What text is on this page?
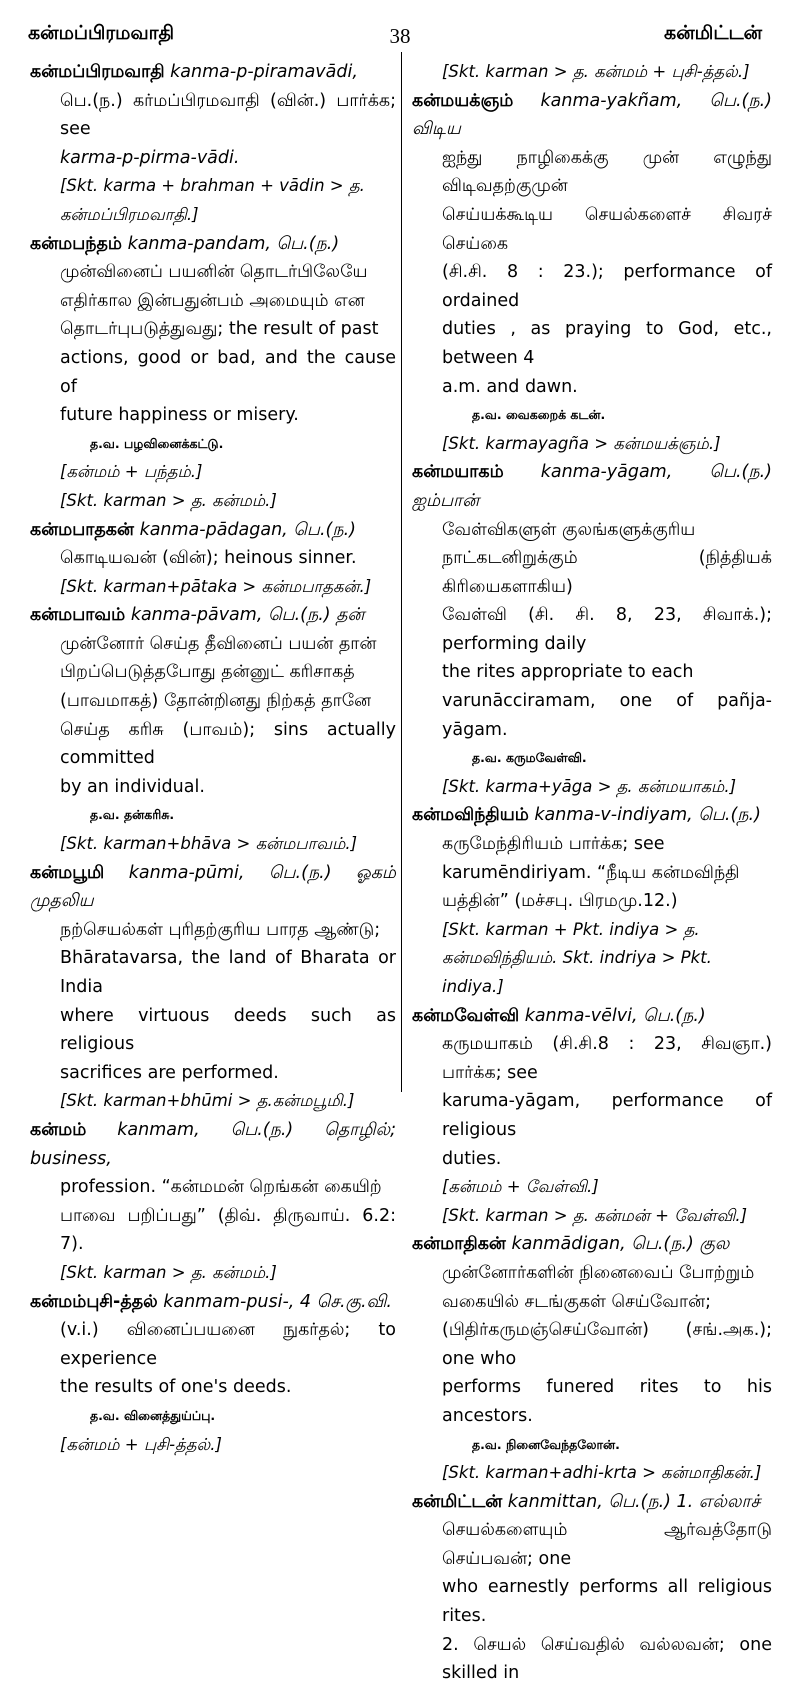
கன்மப்பிரமவாதி	38	கன்மிட்டன்
கன்மப்பிரமவாதி kanma-p-piramavādi,
பெ.(ந.) கர்மப்பிரமவாதி (வின்.) பார்க்க; see
karma-p-pirma-vādi.
[Skt. karma + brahman + vādin > த.
கன்மப்பிரமவாதி.]
கன்மபந்தம் kanma-pandam, பெ.(ந.)
முன்வினைப் பயனின் தொடர்பிலேயே
எதிர்கால இன்பதுன்பம் அமையும் என
தொடர்புபடுத்துவது; the result of past
actions, good or bad, and the cause of
future happiness or misery.
த.வ. பழவினைக்கட்டு.
[கன்மம் + பந்தம்.]
[Skt. karman > த. கன்மம்.]
கன்மபாதகன் kanma-pādagan, பெ.(ந.)
கொடியவன் (வின்); heinous sinner.
[Skt. karman+pātaka > கன்மபாதகன்.]
கன்மபாவம் kanma-pāvam, பெ.(ந.) தன்
முன்னோர் செய்த தீவினைப் பயன் தான்
பிறப்பெடுத்தபோது தன்னுட் கரிசாகத்
(பாவமாகத்) தோன்றினது நிற்கத் தானே
செய்த கரிசு (பாவம்); sins actually committed
by an individual.
த.வ. தன்கரிசு.
[Skt. karman+bhāva > கன்மபாவம்.]
கன்மபூமி kanma-pūmi, பெ.(ந.) ஓகம் முதலிய
நற்செயல்கள் புரிதற்குரிய பாரத ஆண்டு;
Bhāratavarsa, the land of Bharata or India
where virtuous deeds such as religious
sacrifices are performed.
[Skt. karman+bhūmi > த.கன்மபூமி.]
கன்மம் kanmam, பெ.(ந.) தொழில்; business,
profession. “கன்மமன் றெங்கன் கையிற்
பாவை பறிப்பது” (திவ். திருவாய். 6.2: 7).
[Skt. karman > த. கன்மம்.]
கன்மம்புசி-த்தல் kanmam-pusi-, 4 செ.கு.வி.
(v.i.) வினைப்பயனை நுகர்தல்; to experience
the results of one's deeds.
த.வ. வினைத்துய்ப்பு.
[கன்மம் + புசி-த்தல்.]
[Skt. karman > த. கன்மம் + புசி-த்தல்.]
கன்மயக்ஞம் kanma-yakñam, பெ.(ந.) விடிய
ஐந்து நாழிகைக்கு முன் எழுந்து விடிவதற்குமுன்
செய்யக்கூடிய செயல்களைச் சிவரச் செய்கை
(சி.சி. 8 : 23.); performance of ordained
duties , as praying to God, etc., between 4
a.m. and dawn.
த.வ. வைகறைக் கடன்.
[Skt. karmayagña > கன்மயக்ஞம்.]
கன்மயாகம் kanma-yāgam, பெ.(ந.) ஐம்பான்
வேள்விகளுள் குலங்களுக்குரிய
நாட்கடனிறுக்கும் (நித்தியக் கிரியைகளாகிய)
வேள்வி (சி. சி. 8, 23, சிவாக்.); performing daily
the rites appropriate to each
varunācciramam, one of pañja-yāgam.
த.வ. கருமவேள்வி.
[Skt. karma+yāga > த. கன்மயாகம்.]
கன்மவிந்தியம் kanma-v-indiyam, பெ.(ந.)
கருமேந்திரியம் பார்க்க; see
karumēndiriyam. “நீடிய கன்மவிந்தி
யத்தின்” (மச்சபு. பிரமமு.12.)
[Skt. karman + Pkt. indiya > த.
கன்மவிந்தியம். Skt. indriya > Pkt. indiya.]
கன்மவேள்வி kanma-vēlvi, பெ.(ந.)
கருமயாகம் (சி.சி.8 : 23, சிவஞா.) பார்க்க; see
karuma-yāgam, performance of religious
duties.
[கன்மம் + வேள்வி.]
[Skt. karman > த. கன்மன் + வேள்வி.]
கன்மாதிகன் kanmādigan, பெ.(ந.) குல
முன்னோர்களின் நினைவைப் போற்றும்
வகையில் சடங்குகள் செய்வோன்;
(பிதிர்கருமஞ்செய்வோன்) (சங்.அக.); one who
performs funered rites to his ancestors.
த.வ. நினைவேந்தலோன்.
[Skt. karman+adhi-krta > கன்மாதிகன்.]
கன்மிட்டன் kanmittan, பெ.(ந.) 1. எல்லாச்
செயல்களையும் ஆர்வத்தோடு செய்பவன்; one
who earnestly performs all religious rites.
2. செயல் செய்வதில் வல்லவன்; one skilled in
